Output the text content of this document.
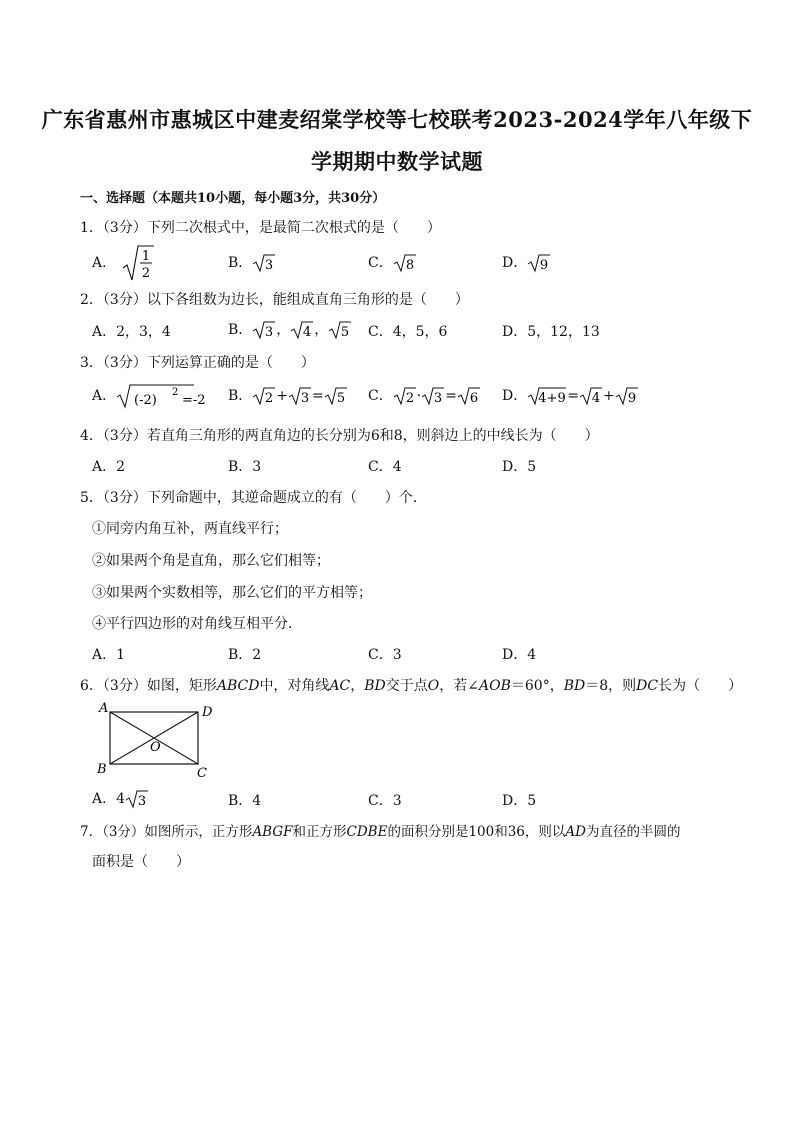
广东省惠州市惠城区中建麦绍棠学校等七校联考2023-2024学年八年级下
学期期中数学试题
一、选择题（本题共10小题，每小题3分，共30分）
1．（3分）下列二次根式中，是最简二次根式的是（　　）
A． 1
2
B． 3	C． 8	D． 9
2．（3分）以下各组数为边长，能组成直角三角形的是（　　）
A．2，3，4	B． 3 ， 4 ， 5 C．4，5，6	D．5，12，13
3．（3分）下列运算正确的是（　　）
A． (-2)
2
=-2 B． 2 + 3 = 5 C． 2 · 3 = 6 D． 4+9 = 4 + 9
4．（3分）若直角三角形的两直角边的长分别为6和8，则斜边上的中线长为（　　）
A．2	B．3	C．4	D．5
5．（3分）下列命题中，其逆命题成立的有（　　）个．
①同旁内角互补，两直线平行；
②如果两个角是直角，那么它们相等；
③如果两个实数相等，那么它们的平方相等；
④平行四边形的对角线互相平分．
A．1	B．2	C．3	D．4
6．（3分）如图，矩形ABCD中，对角线AC，BD交于点O，若∠AOB＝60°，BD＝8，则DC长为（　　）
A	D
O
B	C
A．4 3	B．4	C．3	D．5
7．（3分）如图所示，正方形ABGF和正方形CDBE的面积分别是100和36，则以AD为直径的半圆的
面积是（　　）
